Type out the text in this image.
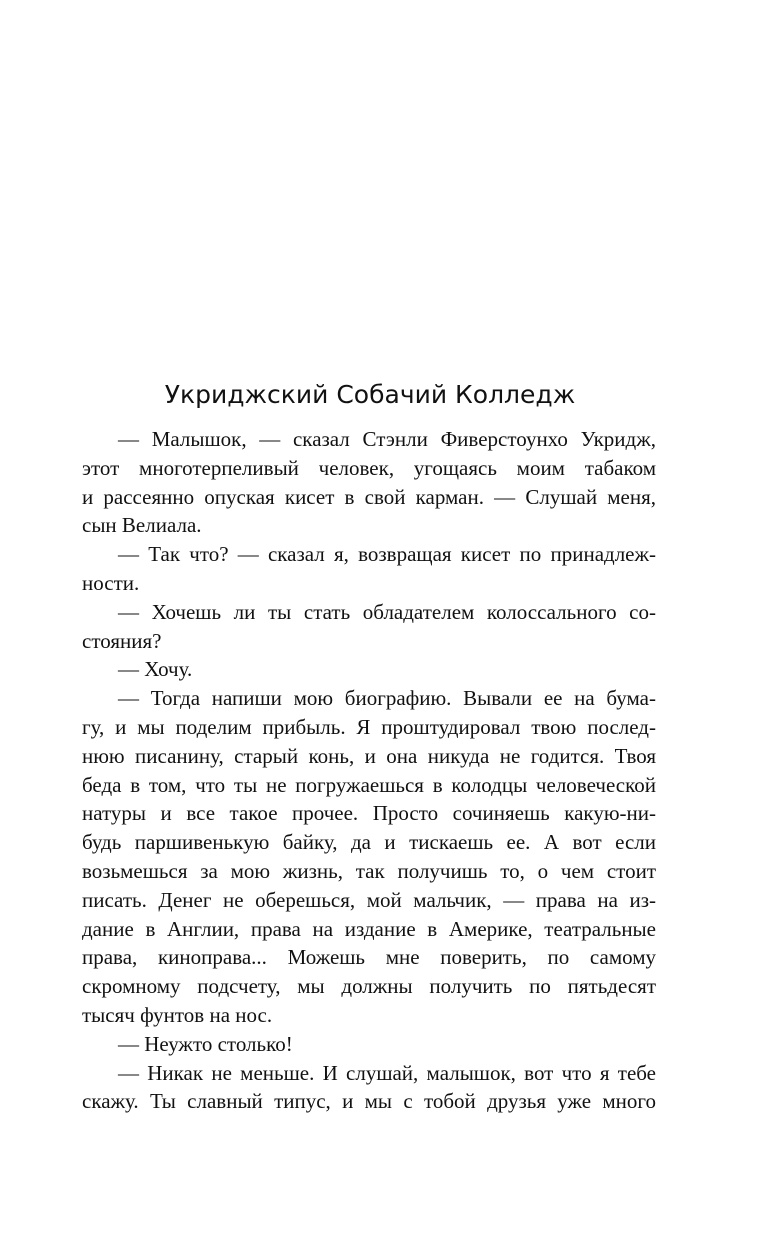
Укриджский Собачий Колледж
— Малышок, — сказал Стэнли Фиверстоунхо Укридж,
этот многотерпеливый человек, угощаясь моим табаком
и рассеянно опуская кисет в свой карман. — Слушай меня,
сын Велиала.
— Так что? — сказал я, возвращая кисет по принадлеж-
ности.
— Хочешь ли ты стать обладателем колоссального со-
стояния?
— Хочу.
— Тогда напиши мою биографию. Вывали ее на бума-
гу, и мы поделим прибыль. Я проштудировал твою послед-
нюю писанину, старый конь, и она никуда не годится. Твоя
беда в том, что ты не погружаешься в колодцы человеческой
натуры и все такое прочее. Просто сочиняешь какую-ни-
будь паршивенькую байку, да и тискаешь ее. А вот если
возьмешься за мою жизнь, так получишь то, о чем стоит
писать. Денег не оберешься, мой мальчик, — права на из-
дание в Англии, права на издание в Америке, театральные
права, киноправа... Можешь мне поверить, по самому
скромному подсчету, мы должны получить по пятьдесят
тысяч фунтов на нос.
— Неужто столько!
— Никак не меньше. И слушай, малышок, вот что я тебе
скажу. Ты славный типус, и мы с тобой друзья уже много
